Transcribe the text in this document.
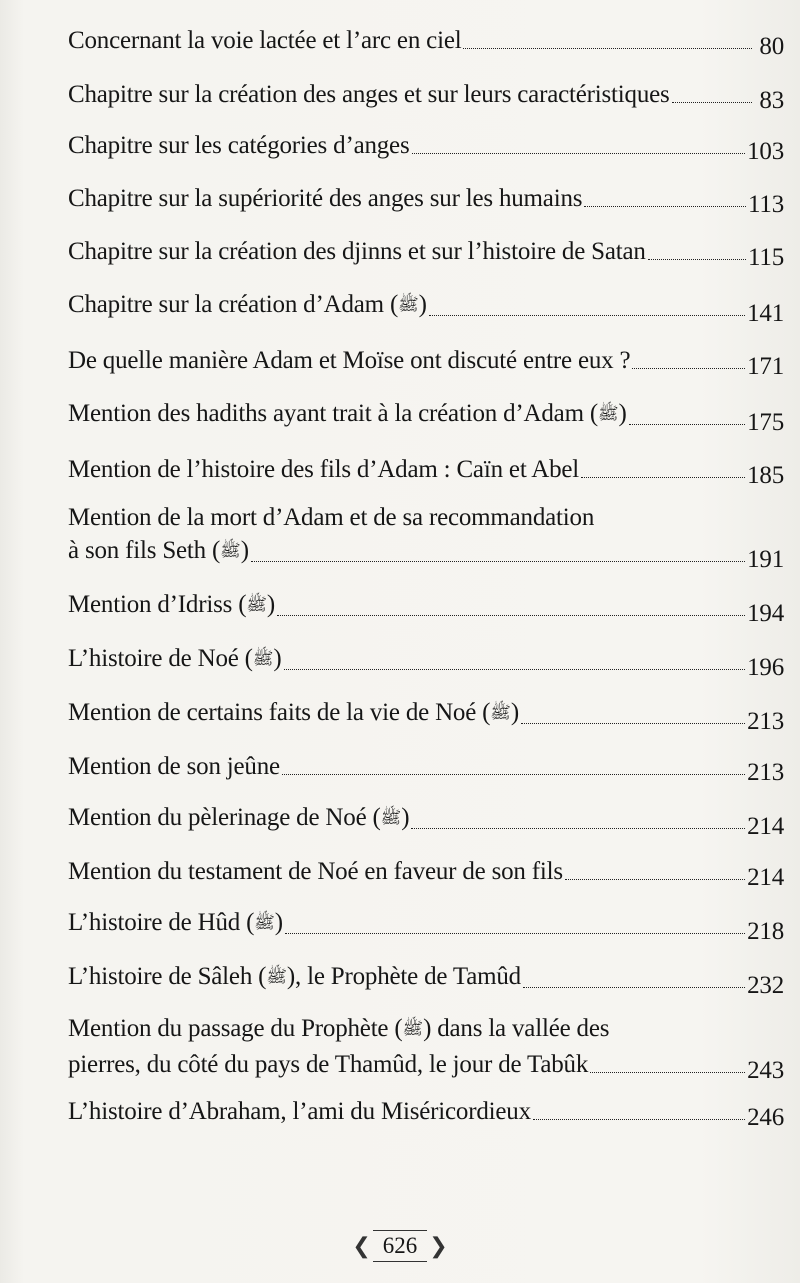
Concernant la voie lactée et l’arc en ciel	80
Chapitre sur la création des anges et sur leurs caractéristiques	83
Chapitre sur les catégories d’anges	103
Chapitre sur la supériorité des anges sur les humains	113
Chapitre sur la création des djinns et sur l’histoire de Satan	115
Chapitre sur la création d’Adam (ﷺ)	141
De quelle manière Adam et Moïse ont discuté entre eux ?	171
Mention des hadiths ayant trait à la création d’Adam (ﷺ)	175
Mention de l’histoire des fils d’Adam : Caïn et Abel	185
Mention de la mort d’Adam et de sa recommandation
à son fils Seth (ﷺ)	191
Mention d’Idriss (ﷺ)	194
L’histoire de Noé (ﷺ)	196
Mention de certains faits de la vie de Noé (ﷺ)	213
Mention de son jeûne	213
Mention du pèlerinage de Noé (ﷺ)	214
Mention du testament de Noé en faveur de son fils	214
L’histoire de Hûd (ﷺ)	218
L’histoire de Sâleh (ﷺ), le Prophète de Tamûd	232
Mention du passage du Prophète (ﷺ) dans la vallée des
pierres, du côté du pays de Thamûd, le jour de Tabûk	243
L’histoire d’Abraham, l’ami du Miséricordieux	246
❮ 626 ❯
